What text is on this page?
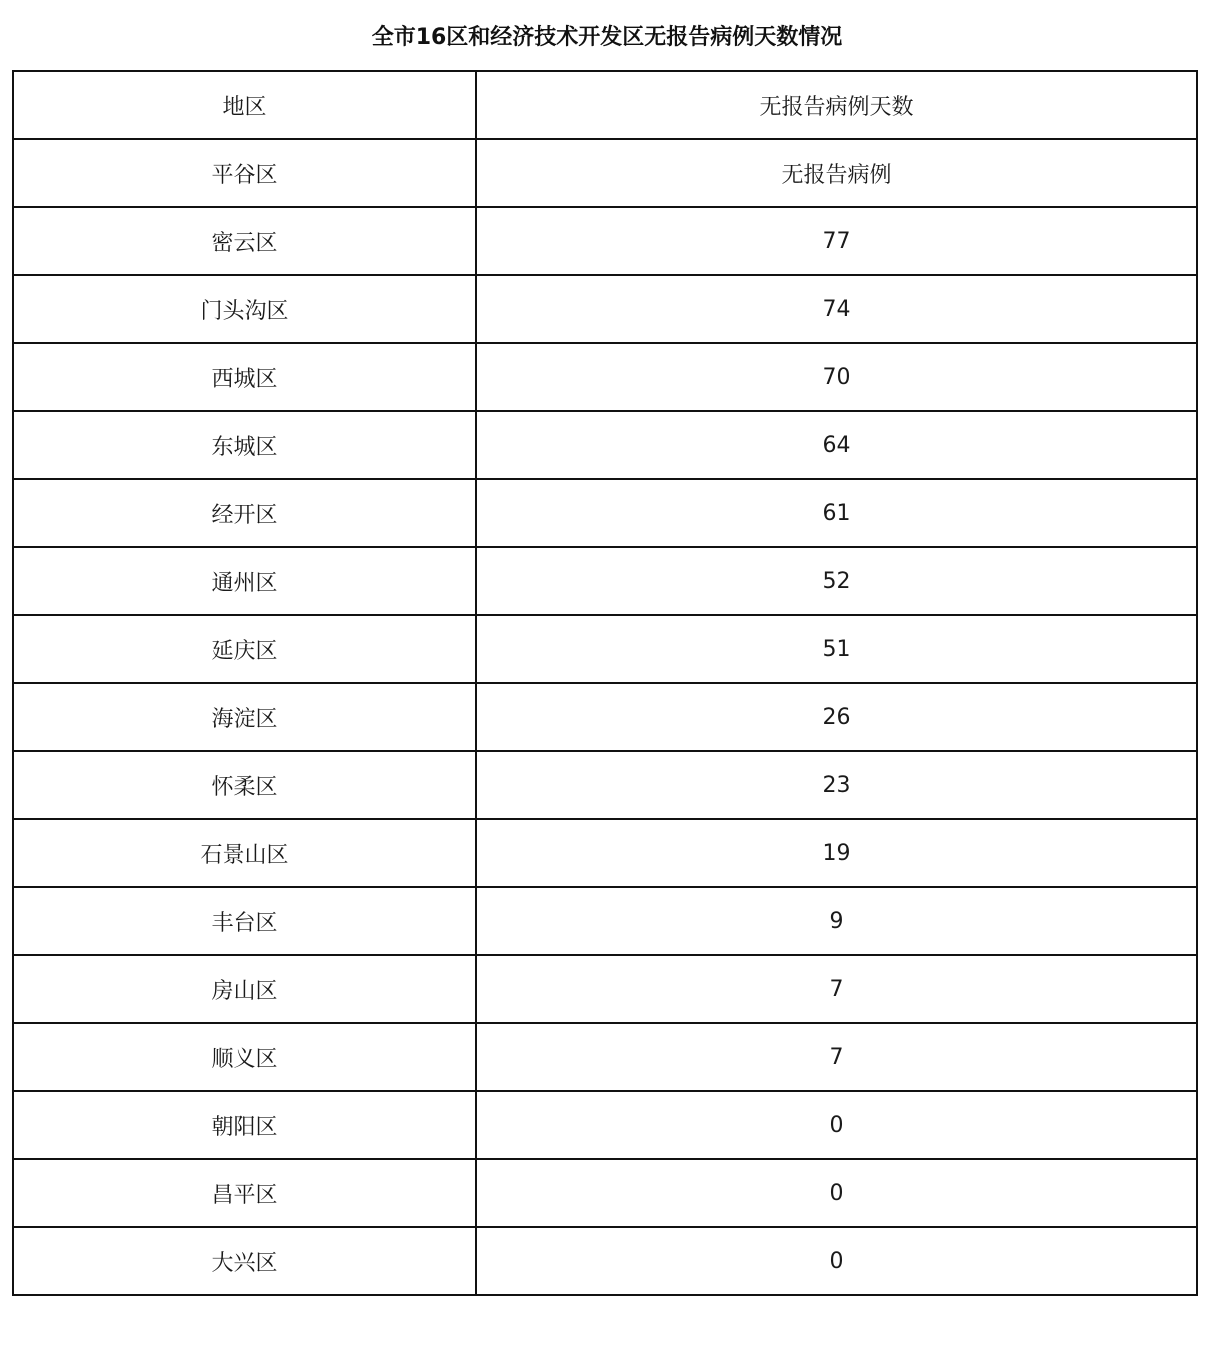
全市16区和经济技术开发区无报告病例天数情况
地区	无报告病例天数
平谷区	无报告病例
密云区	77
门头沟区	74
西城区	70
东城区	64
经开区	61
通州区	52
延庆区	51
海淀区	26
怀柔区	23
石景山区	19
丰台区	9
房山区	7
顺义区	7
朝阳区	0
昌平区	0
大兴区	0
